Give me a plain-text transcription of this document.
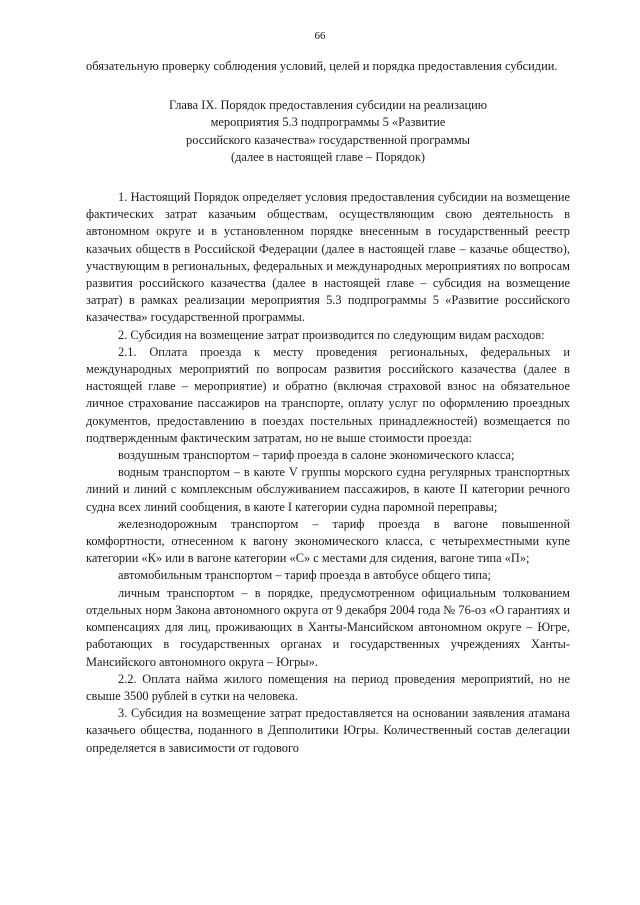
66

обязательную проверку соблюдения условий, целей и порядка предоставления субсидии.

Глава IX. Порядок предоставления субсидии на реализацию
мероприятия 5.3 подпрограммы 5 «Развитие
российского казачества» государственной программы
(далее в настоящей главе – Порядок)

1. Настоящий Порядок определяет условия предоставления субсидии на возмещение фактических затрат казачьим обществам, осуществляющим свою деятельность в автономном округе и в установленном порядке внесенным в государственный реестр казачьих обществ в Российской Федерации (далее в настоящей главе – казачье общество), участвующим в региональных, федеральных и международных мероприятиях по вопросам развития российского казачества (далее в настоящей главе – субсидия на возмещение затрат) в рамках реализации мероприятия 5.3 подпрограммы 5 «Развитие российского казачества» государственной программы.

2. Субсидия на возмещение затрат производится по следующим видам расходов:

2.1. Оплата проезда к месту проведения региональных, федеральных и международных мероприятий по вопросам развития российского казачества (далее в настоящей главе – мероприятие) и обратно (включая страховой взнос на обязательное личное страхование пассажиров на транспорте, оплату услуг по оформлению проездных документов, предоставлению в поездах постельных принадлежностей) возмещается по подтвержденным фактическим затратам, но не выше стоимости проезда:

воздушным транспортом – тариф проезда в салоне экономического класса;

водным транспортом – в каюте V группы морского судна регулярных транспортных линий и линий с комплексным обслуживанием пассажиров, в каюте II категории речного судна всех линий сообщения, в каюте I категории судна паромной переправы;

железнодорожным транспортом – тариф проезда в вагоне повышенной комфортности, отнесенном к вагону экономического класса, с четырехместными купе категории «К» или в вагоне категории «С» с местами для сидения, вагоне типа «П»;

автомобильным транспортом – тариф проезда в автобусе общего типа;

личным транспортом – в порядке, предусмотренном официальным толкованием отдельных норм Закона автономного округа от 9 декабря 2004 года № 76-оз «О гарантиях и компенсациях для лиц, проживающих в Ханты-Мансийском автономном округе – Югре, работающих в государственных органах и государственных учреждениях Ханты-Мансийского автономного округа – Югры».

2.2. Оплата найма жилого помещения на период проведения мероприятий, но не свыше 3500 рублей в сутки на человека.

3. Субсидия на возмещение затрат предоставляется на основании заявления атамана казачьего общества, поданного в Депполитики Югры. Количественный состав делегации определяется в зависимости от годового
